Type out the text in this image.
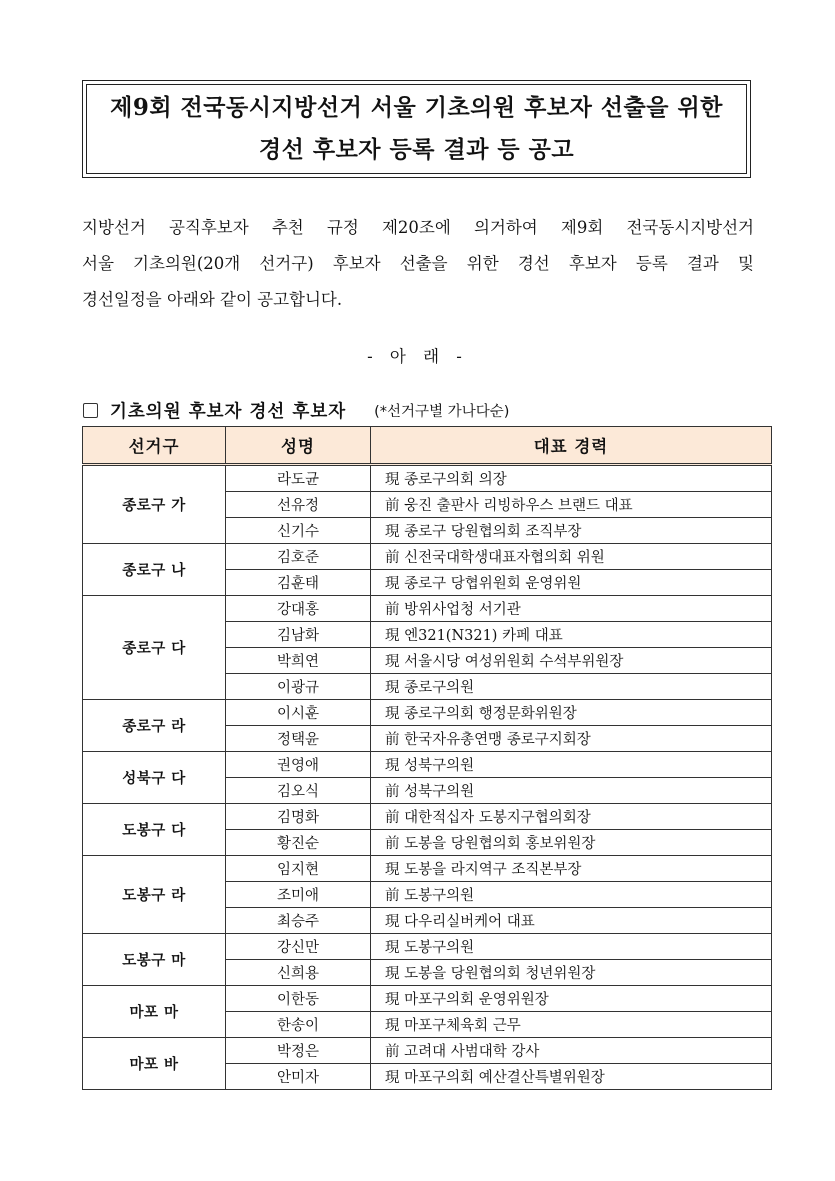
제9회 전국동시지방선거 서울 기초의원 후보자 선출을 위한
경선 후보자 등록 결과 등 공고
지방선거 공직후보자 추천 규정 제20조에 의거하여 제9회 전국동시지방선거
서울 기초의원(20개 선거구) 후보자 선출을 위한 경선 후보자 등록 결과 및
경선일정을 아래와 같이 공고합니다.
- 아 래 -
기초의원 후보자 경선 후보자 (*선거구별 가나다순)
선거구	성명	대표 경력
종로구 가	라도균	現 종로구의회 의장
	선유정	前 웅진 출판사 리빙하우스 브랜드 대표
	신기수	現 종로구 당원협의회 조직부장
종로구 나	김호준	前 신전국대학생대표자협의회 위원
	김훈태	現 종로구 당협위원회 운영위원
종로구 다	강대홍	前 방위사업청 서기관
	김남화	現 엔321(N321) 카페 대표
	박희연	現 서울시당 여성위원회 수석부위원장
	이광규	現 종로구의원
종로구 라	이시훈	現 종로구의회 행정문화위원장
	정택윤	前 한국자유총연맹 종로구지회장
성북구 다	권영애	現 성북구의원
	김오식	前 성북구의원
도봉구 다	김명화	前 대한적십자 도봉지구협의회장
	황진순	前 도봉을 당원협의회 홍보위원장
도봉구 라	임지현	現 도봉을 라지역구 조직본부장
	조미애	前 도봉구의원
	최승주	現 다우리실버케어 대표
도봉구 마	강신만	現 도봉구의원
	신희용	現 도봉을 당원협의회 청년위원장
마포 마	이한동	現 마포구의회 운영위원장
	한송이	現 마포구체육회 근무
마포 바	박정은	前 고려대 사범대학 강사
	안미자	現 마포구의회 예산결산특별위원장
